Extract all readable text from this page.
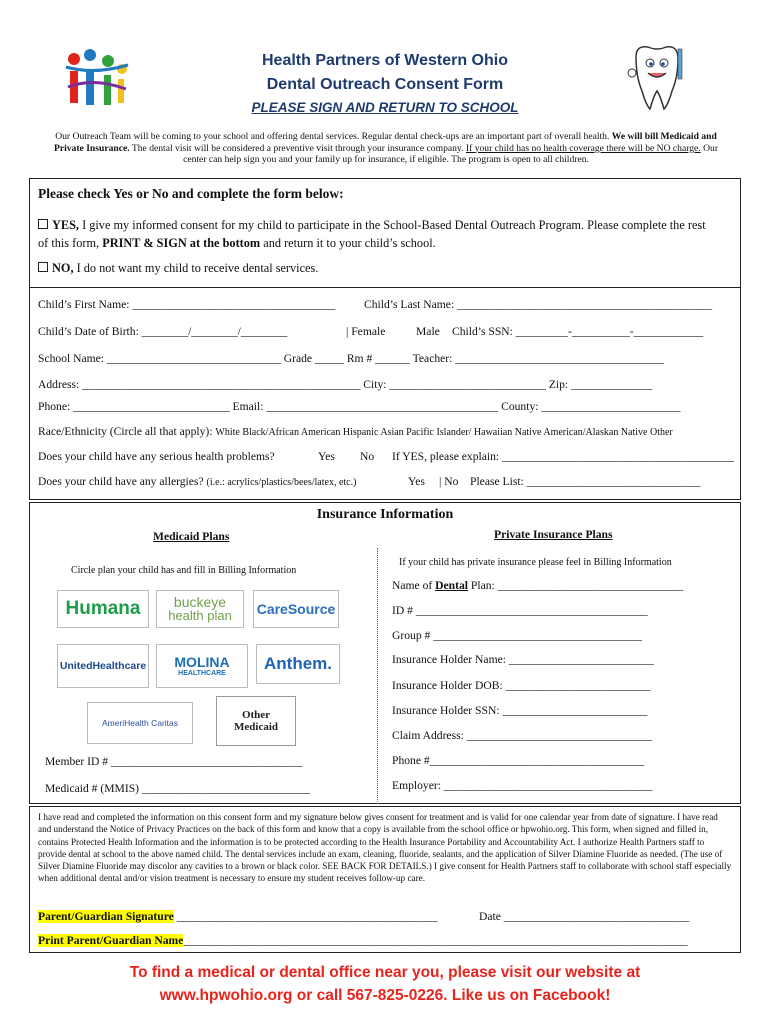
Health Partners of Western Ohio
Dental Outreach Consent Form
PLEASE SIGN AND RETURN TO SCHOOL
Our Outreach Team will be coming to your school and offering dental services. Regular dental check-ups are an important part of overall health. We will bill Medicaid and Private Insurance. The dental visit will be considered a preventive visit through your insurance company. If your child has no health coverage there will be NO charge. Our center can help sign you and your family up for insurance, if eligible. The program is open to all children.
Please check Yes or No and complete the form below:
YES, I give my informed consent for my child to participate in the School-Based Dental Outreach Program. Please complete the rest of this form, PRINT & SIGN at the bottom and return it to your child’s school.
NO, I do not want my child to receive dental services.
Child’s First Name: ___________________________________ Child’s Last Name: ____________________________________________
Child’s Date of Birth: ________/________/________	| Female	Male Child’s SSN: _________-__________-____________
School Name: ______________________________ Grade _____ Rm # ______ Teacher: ____________________________________
Address: ________________________________________________ City: ___________________________ Zip: ______________
Phone: ___________________________ Email: ________________________________________ County: ________________________
Race/Ethnicity (Circle all that apply): White Black/African American Hispanic Asian Pacific Islander/ Hawaiian Native American/Alaskan Native Other
Does your child have any serious health problems?	Yes No If YES, please explain: ________________________________________
Does your child have any allergies? (i.e.: acrylics/plastics/bees/latex, etc.)	Yes | No Please List: ______________________________
Insurance Information
Medicaid Plans	Private Insurance Plans
Circle plan your child has and fill in Billing Information
Humana	buckeye
health plan CareSource
UnitedHealthcare MOLINA
HEALTHCARE	Anthem.
AmeriHealth Caritas
Other
Medicaid
Member ID # _________________________________
Medicaid # (MMIS) _____________________________
If your child has private insurance please feel in Billing Information
Name of Dental Plan: ________________________________
ID # ________________________________________
Group # ____________________________________
Insurance Holder Name: _________________________
Insurance Holder DOB: _________________________
Insurance Holder SSN: _________________________
Claim Address: ________________________________
Phone #_____________________________________
Employer: ____________________________________
I have read and completed the information on this consent form and my signature below gives consent for treatment and is valid for one calendar year from date of signature. I have read and understand the Notice of Privacy Practices on the back of this form and know that a copy is available from the school office or hpwohio.org. This form, when signed and filled in, contains Protected Health Information and the information is to be protected according to the Health Insurance Portability and Accountability Act. I authorize Health Partners staff to provide dental at school to the above named child. The dental services include an exam, cleaning, fluoride, sealants, and the application of Silver Diamine Fluoride as needed. (The use of Silver Diamine Fluoride may discolor any cavities to a brown or black color. SEE BACK FOR DETAILS.) I give consent for Health Partners staff to collaborate with school staff especially when additional dental and/or vision treatment is necessary to ensure my student receives follow-up care.
Parent/Guardian Signature _____________________________________________	Date ________________________________
Print Parent/Guardian Name_______________________________________________________________________________________
To find a medical or dental office near you, please visit our website at
www.hpwohio.org or call 567-825-0226. Like us on Facebook!
